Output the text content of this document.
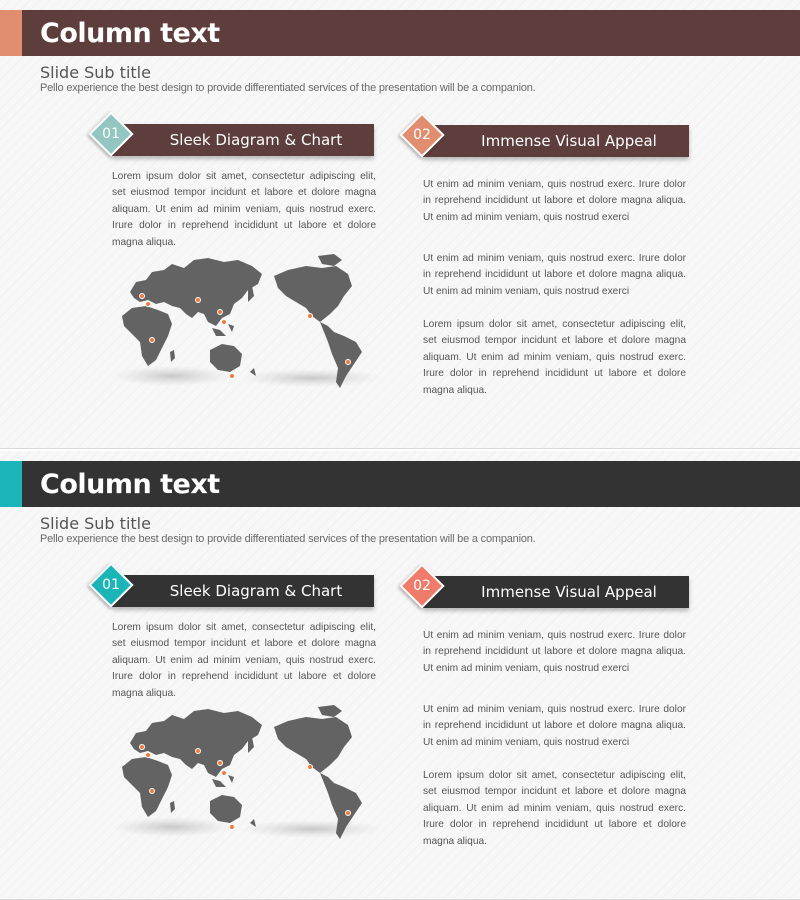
Column text
Slide Sub title
Pello experience the best design to provide differentiated services of the presentation will be a companion.
Sleek Diagram & Chart
01

Lorem ipsum dolor sit amet, consectetur adipiscing elit, set eiusmod tempor incidunt et labore et dolore magna aliquam. Ut enim ad minim veniam, quis nostrud exerc. Irure dolor in reprehend incididunt ut labore et dolore magna aliqua.

Immense Visual Appeal
02

Ut enim ad minim veniam, quis nostrud exerc. Irure dolor in reprehend incididunt ut labore et dolore magna aliqua. Ut enim ad minim veniam, quis nostrud exerci

Ut enim ad minim veniam, quis nostrud exerc. Irure dolor in reprehend incididunt ut labore et dolore magna aliqua. Ut enim ad minim veniam, quis nostrud exerci

Lorem ipsum dolor sit amet, consectetur adipiscing elit, set eiusmod tempor incidunt et labore et dolore magna aliquam. Ut enim ad minim veniam, quis nostrud exerc. Irure dolor in reprehend incididunt ut labore et dolore magna aliqua.

Column text
Slide Sub title
Pello experience the best design to provide differentiated services of the presentation will be a companion.
Sleek Diagram & Chart
01

Lorem ipsum dolor sit amet, consectetur adipiscing elit, set eiusmod tempor incidunt et labore et dolore magna aliquam. Ut enim ad minim veniam, quis nostrud exerc. Irure dolor in reprehend incididunt ut labore et dolore magna aliqua.

Immense Visual Appeal
02

Ut enim ad minim veniam, quis nostrud exerc. Irure dolor in reprehend incididunt ut labore et dolore magna aliqua. Ut enim ad minim veniam, quis nostrud exerci

Ut enim ad minim veniam, quis nostrud exerc. Irure dolor in reprehend incididunt ut labore et dolore magna aliqua. Ut enim ad minim veniam, quis nostrud exerci

Lorem ipsum dolor sit amet, consectetur adipiscing elit, set eiusmod tempor incidunt et labore et dolore magna aliquam. Ut enim ad minim veniam, quis nostrud exerc. Irure dolor in reprehend incididunt ut labore et dolore magna aliqua.
